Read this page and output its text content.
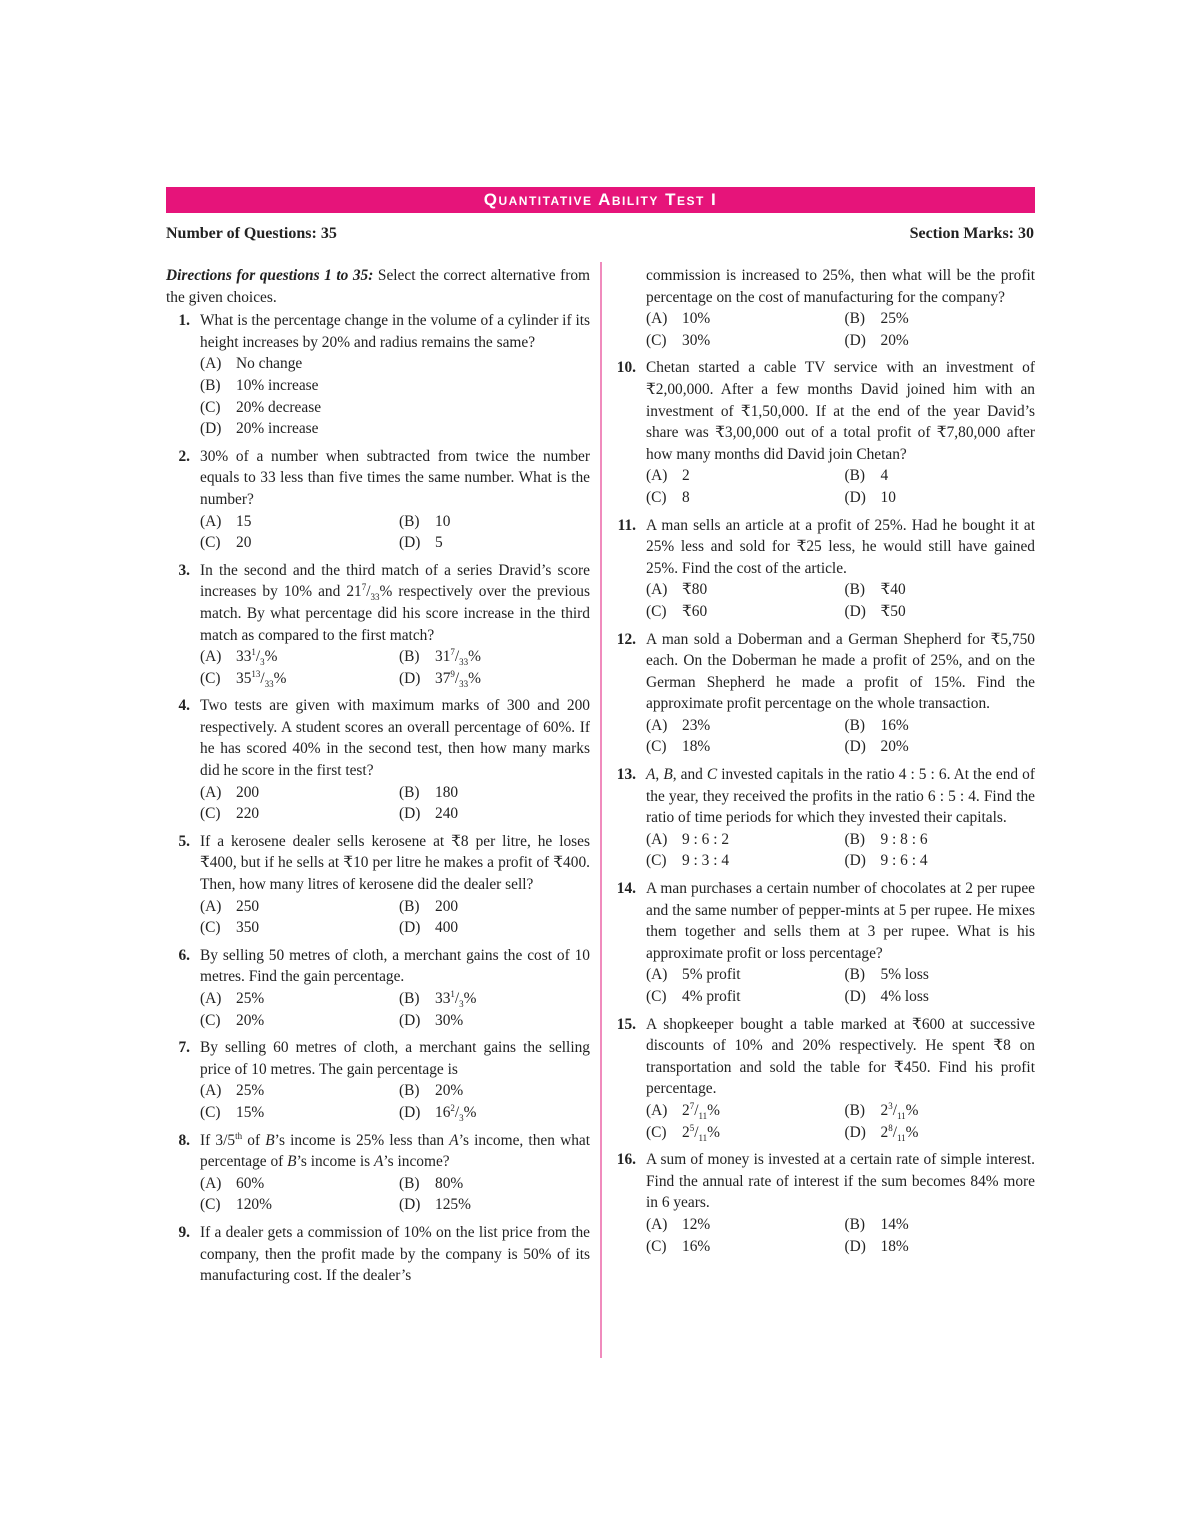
Quantitative Ability Test I
Number of Questions: 35	Section Marks: 30
Directions for questions 1 to 35: Select the correct alternative from the given choices.
1. What is the percentage change in the volume of a cylinder if its height increases by 20% and radius remains the same?
(A) No change
(B) 10% increase
(C) 20% decrease
(D) 20% increase
2. 30% of a number when subtracted from twice the number equals to 33 less than five times the same number. What is the number?
(A) 15	(B) 10
(C) 20	(D) 5
3. In the second and the third match of a series Dravid’s score increases by 10% and $21^7/_{33}\%$ respectively over the previous match. By what percentage did his score increase in the third match as compared to the first match?
(A) $33^1/_3\%$	(B) $31^7/_{33}\%$
(C) $35^{13}/_{33}\%$	(D) $37^9/_{33}\%$
4. Two tests are given with maximum marks of 300 and 200 respectively. A student scores an overall percentage of 60%. If he has scored 40% in the second test, then how many marks did he score in the first test?
(A) 200	(B) 180
(C) 220	(D) 240
5. If a kerosene dealer sells kerosene at ₹8 per litre, he loses ₹400, but if he sells at ₹10 per litre he makes a profit of ₹400. Then, how many litres of kerosene did the dealer sell?
(A) 250	(B) 200
(C) 350	(D) 400
6. By selling 50 metres of cloth, a merchant gains the cost of 10 metres. Find the gain percentage.
(A) 25%	(B) $33^1/_3\%$
(C) 20%	(D) 30%
7. By selling 60 metres of cloth, a merchant gains the selling price of 10 metres. The gain percentage is
(A) 25%	(B) 20%
(C) 15%	(D) $16^2/_3\%$
8. If 3/5th of B’s income is 25% less than A’s income, then what percentage of B’s income is A’s income?
(A) 60%	(B) 80%
(C) 120%	(D) 125%
9. If a dealer gets a commission of 10% on the list price from the company, then the profit made by the company is 50% of its manufacturing cost. If the dealer’s
commission is increased to 25%, then what will be the profit percentage on the cost of manufacturing for the company?
(A) 10%	(B) 25%
(C) 30%	(D) 20%
10. Chetan started a cable TV service with an investment of ₹2,00,000. After a few months David joined him with an investment of ₹1,50,000. If at the end of the year David’s share was ₹3,00,000 out of a total profit of ₹7,80,000 after how many months did David join Chetan?
(A) 2	(B) 4
(C) 8	(D) 10
11. A man sells an article at a profit of 25%. Had he bought it at 25% less and sold for ₹25 less, he would still have gained 25%. Find the cost of the article.
(A) ₹80	(B) ₹40
(C) ₹60	(D) ₹50
12. A man sold a Doberman and a German Shepherd for ₹5,750 each. On the Doberman he made a profit of 25%, and on the German Shepherd he made a profit of 15%. Find the approximate profit percentage on the whole transaction.
(A) 23%	(B) 16%
(C) 18%	(D) 20%
13. A, B, and C invested capitals in the ratio 4 : 5 : 6. At the end of the year, they received the profits in the ratio 6 : 5 : 4. Find the ratio of time periods for which they invested their capitals.
(A) 9 : 6 : 2	(B) 9 : 8 : 6
(C) 9 : 3 : 4	(D) 9 : 6 : 4
14. A man purchases a certain number of chocolates at 2 per rupee and the same number of pepper-mints at 5 per rupee. He mixes them together and sells them at 3 per rupee. What is his approximate profit or loss percentage?
(A) 5% profit	(B) 5% loss
(C) 4% profit	(D) 4% loss
15. A shopkeeper bought a table marked at ₹600 at successive discounts of 10% and 20% respectively. He spent ₹8 on transportation and sold the table for ₹450. Find his profit percentage.
(A) $2^7/_{11}\%$	(B) $2^3/_{11}\%$
(C) $2^5/_{11}\%$	(D) $2^8/_{11}\%$
16. A sum of money is invested at a certain rate of simple interest. Find the annual rate of interest if the sum becomes 84% more in 6 years.
(A) 12%	(B) 14%
(C) 16%	(D) 18%
